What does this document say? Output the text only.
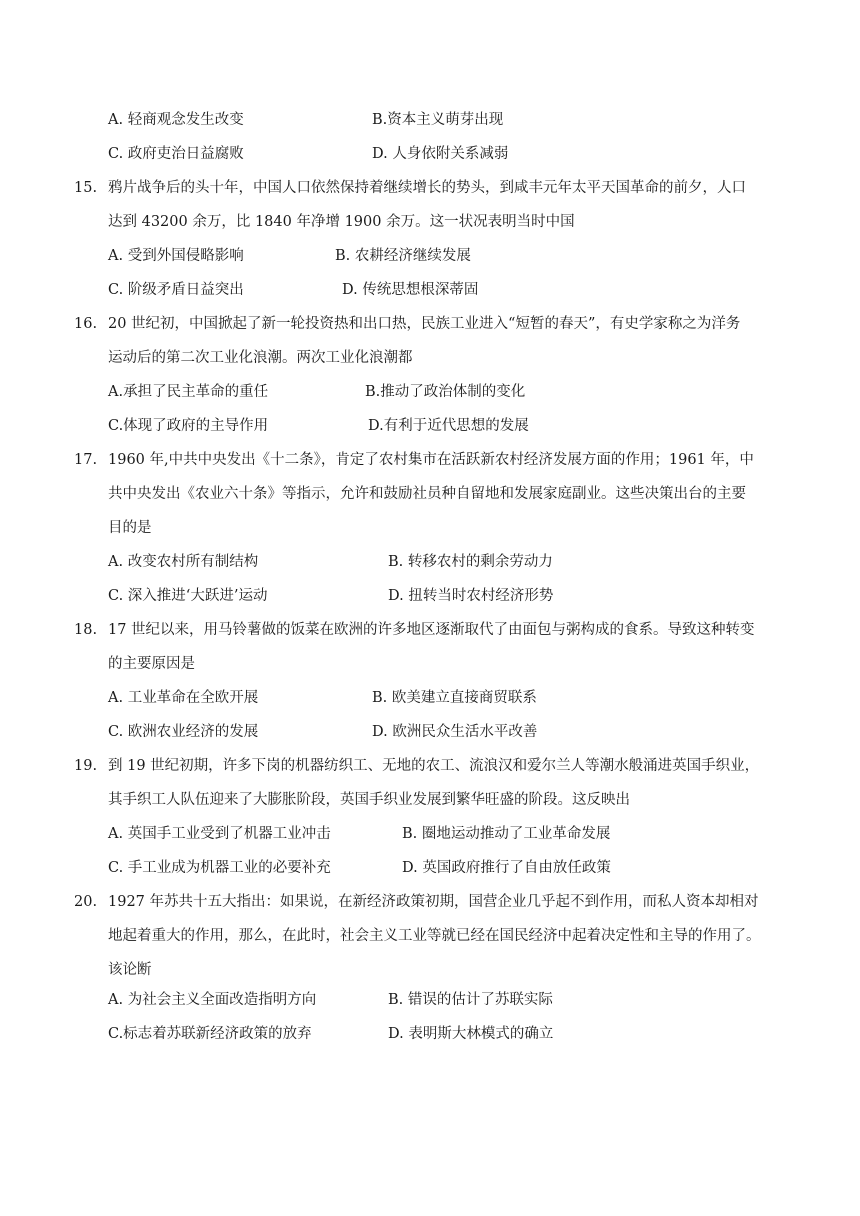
A. 轻商观念发生改变	B.资本主义萌芽出现
C. 政府吏治日益腐败	D. 人身依附关系减弱
15. 鸦片战争后的头十年，中国人口依然保持着继续增长的势头，到咸丰元年太平天国革命的前夕，人口
达到 43200 余万，比 1840 年净增 1900 余万。这一状况表明当时中国
A. 受到外国侵略影响	B. 农耕经济继续发展
C. 阶级矛盾日益突出	D. 传统思想根深蒂固
16. 20 世纪初，中国掀起了新一轮投资热和出口热，民族工业进入“短暂的春天”，有史学家称之为洋务
运动后的第二次工业化浪潮。两次工业化浪潮都
A.承担了民主革命的重任	B.推动了政治体制的变化
C.体现了政府的主导作用	D.有利于近代思想的发展
17. 1960 年,中共中央发出《十二条》，肯定了农村集市在活跃新农村经济发展方面的作用；1961 年，中
共中央发出《农业六十条》等指示，允许和鼓励社员种自留地和发展家庭副业。这些决策出台的主要
目的是
A. 改变农村所有制结构	B. 转移农村的剩余劳动力
C. 深入推进‘大跃进’运动	D. 扭转当时农村经济形势
18. 17 世纪以来，用马铃薯做的饭菜在欧洲的许多地区逐渐取代了由面包与粥构成的食系。导致这种转变
的主要原因是
A. 工业革命在全欧开展	B. 欧美建立直接商贸联系
C. 欧洲农业经济的发展	D. 欧洲民众生活水平改善
19. 到 19 世纪初期，许多下岗的机器纺织工、无地的农工、流浪汉和爱尔兰人等潮水般涌进英国手织业，
其手织工人队伍迎来了大膨胀阶段，英国手织业发展到繁华旺盛的阶段。这反映出
A. 英国手工业受到了机器工业冲击	B. 圈地运动推动了工业革命发展
C. 手工业成为机器工业的必要补充	D. 英国政府推行了自由放任政策
20. 1927 年苏共十五大指出：如果说，在新经济政策初期，国营企业几乎起不到作用，而私人资本却相对
地起着重大的作用，那么，在此时，社会主义工业等就已经在国民经济中起着决定性和主导的作用了。
该论断
A. 为社会主义全面改造指明方向	B. 错误的估计了苏联实际
C.标志着苏联新经济政策的放弃	D. 表明斯大林模式的确立
